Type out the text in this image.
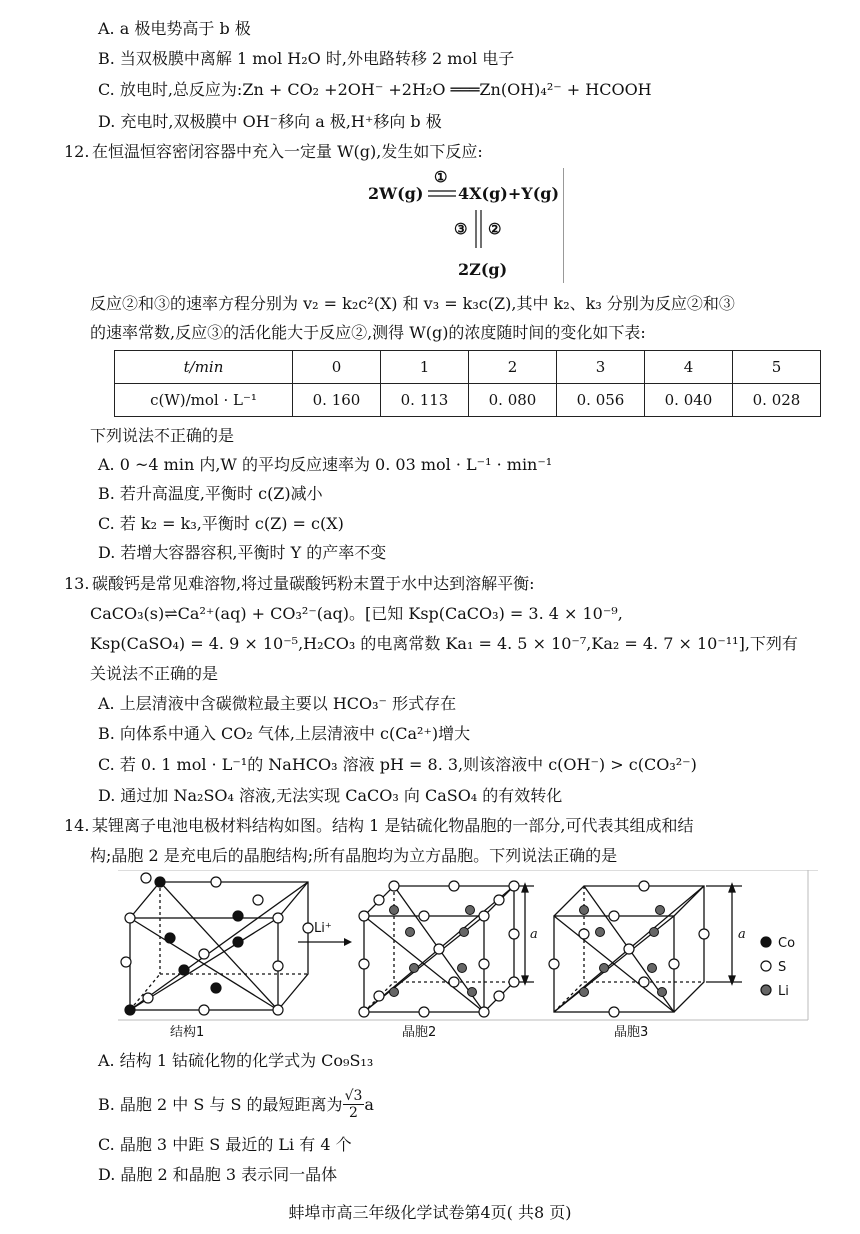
A. a 极电势高于 b 极
B. 当双极膜中离解 1 mol H₂O 时,外电路转移 2 mol 电子
C. 放电时,总反应为:Zn + CO₂ +2OH⁻ +2H₂O ═══Zn(OH)₄²⁻ + HCOOH
D. 充电时,双极膜中 OH⁻移向 a 极,H⁺移向 b 极
12. 在恒温恒容密闭容器中充入一定量 W(g),发生如下反应:
2W(g)
①
4X(g)+Y(g)
③ ②
2Z(g)
反应②和③的速率方程分别为 v₂ = k₂c²(X) 和 v₃ = k₃c(Z),其中 k₂、k₃ 分别为反应②和③
的速率常数,反应③的活化能大于反应②,测得 W(g)的浓度随时间的变化如下表:
t/min	0	1	2	3	4	5
c(W)/mol · L⁻¹	0. 160	0. 113	0. 080	0. 056	0. 040	0. 028
下列说法不正确的是
A. 0 ~4 min 内,W 的平均反应速率为 0. 03 mol · L⁻¹ · min⁻¹
B. 若升高温度,平衡时 c(Z)减小
C. 若 k₂ = k₃,平衡时 c(Z) = c(X)
D. 若增大容器容积,平衡时 Y 的产率不变
13. 碳酸钙是常见难溶物,将过量碳酸钙粉末置于水中达到溶解平衡:
CaCO₃(s)⇌Ca²⁺(aq) + CO₃²⁻(aq)。[已知 Ksp(CaCO₃) = 3. 4 × 10⁻⁹,
Ksp(CaSO₄) = 4. 9 × 10⁻⁵,H₂CO₃ 的电离常数 Ka₁ = 4. 5 × 10⁻⁷,Ka₂ = 4. 7 × 10⁻¹¹],下列有
关说法不正确的是
A. 上层清液中含碳微粒最主要以 HCO₃⁻ 形式存在
B. 向体系中通入 CO₂ 气体,上层清液中 c(Ca²⁺)增大
C. 若 0. 1 mol · L⁻¹的 NaHCO₃ 溶液 pH = 8. 3,则该溶液中 c(OH⁻) > c(CO₃²⁻)
D. 通过加 Na₂SO₄ 溶液,无法实现 CaCO₃ 向 CaSO₄ 的有效转化
14. 某锂离子电池电极材料结构如图。结构 1 是钴硫化物晶胞的一部分,可代表其组成和结
构;晶胞 2 是充电后的晶胞结构;所有晶胞均为立方晶胞。下列说法正确的是
Co
S
Li
Li⁺	a	a
结构1	晶胞2	晶胞3
A. 结构 1 钴硫化物的化学式为 Co₉S₁₃
B. 晶胞 2 中 S 与 S 的最短距离为 $\frac{√3}{2}$ a
C. 晶胞 3 中距 S 最近的 Li 有 4 个
D. 晶胞 2 和晶胞 3 表示同一晶体
蚌埠市高三年级化学试卷第4页( 共8 页)
